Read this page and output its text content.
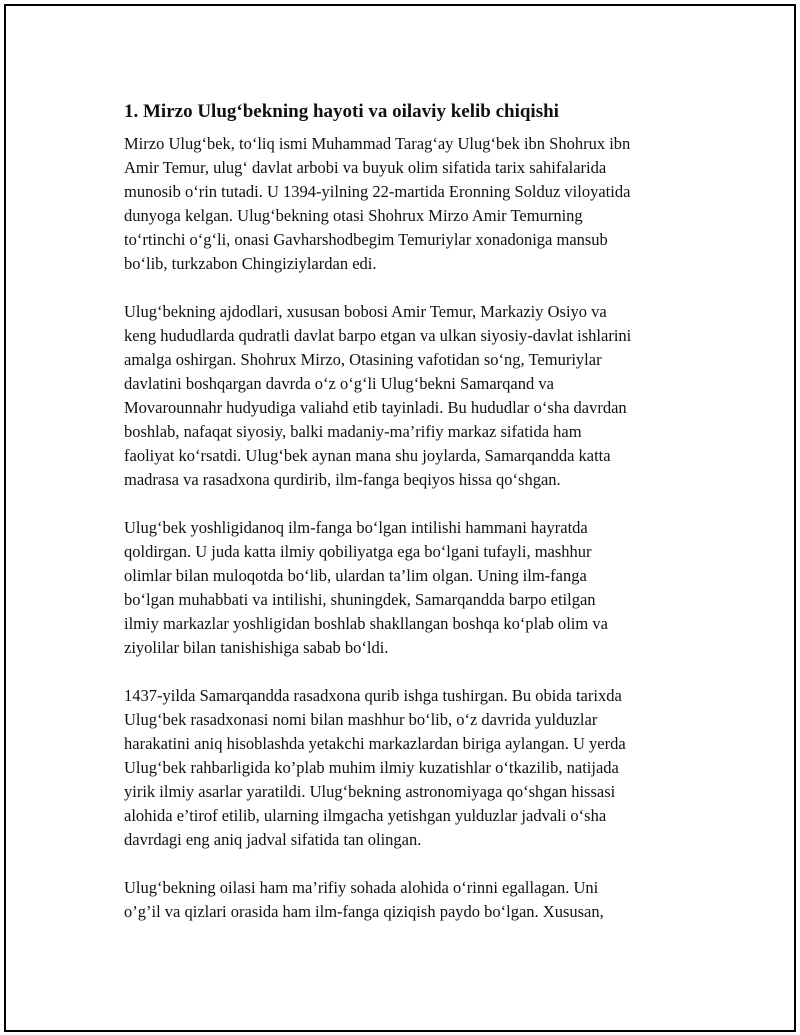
1. Mirzo Ulug‘bekning hayoti va oilaviy kelib chiqishi
Mirzo Ulug‘bek, to‘liq ismi Muhammad Tarag‘ay Ulug‘bek ibn Shohrux ibn
Amir Temur, ulug‘ davlat arbobi va buyuk olim sifatida tarix sahifalarida
munosib o‘rin tutadi. U 1394-yilning 22-martida Eronning Solduz viloyatida
dunyoga kelgan. Ulug‘bekning otasi Shohrux Mirzo Amir Temurning
to‘rtinchi o‘g‘li, onasi Gavharshodbegim Temuriylar xonadoniga mansub
bo‘lib, turkzabon Chingiziylardan edi.
Ulug‘bekning ajdodlari, xususan bobosi Amir Temur, Markaziy Osiyo va
keng hududlarda qudratli davlat barpo etgan va ulkan siyosiy-davlat ishlarini
amalga oshirgan. Shohrux Mirzo, Otasining vafotidan so‘ng, Temuriylar
davlatini boshqargan davrda o‘z o‘g‘li Ulug‘bekni Samarqand va
Movarounnahr hudyudiga valiahd etib tayinladi. Bu hududlar o‘sha davrdan
boshlab, nafaqat siyosiy, balki madaniy-ma’rifiy markaz sifatida ham
faoliyat ko‘rsatdi. Ulug‘bek aynan mana shu joylarda, Samarqandda katta
madrasa va rasadxona qurdirib, ilm-fanga beqiyos hissa qo‘shgan.
Ulug‘bek yoshligidanoq ilm-fanga bo‘lgan intilishi hammani hayratda
qoldirgan. U juda katta ilmiy qobiliyatga ega bo‘lgani tufayli, mashhur
olimlar bilan muloqotda bo‘lib, ulardan ta’lim olgan. Uning ilm-fanga
bo‘lgan muhabbati va intilishi, shuningdek, Samarqandda barpo etilgan
ilmiy markazlar yoshligidan boshlab shakllangan boshqa ko‘plab olim va
ziyolilar bilan tanishishiga sabab bo‘ldi.
1437-yilda Samarqandda rasadxona qurib ishga tushirgan. Bu obida tarixda
Ulug‘bek rasadxonasi nomi bilan mashhur bo‘lib, o‘z davrida yulduzlar
harakatini aniq hisoblashda yetakchi markazlardan biriga aylangan. U yerda
Ulug‘bek rahbarligida ko’plab muhim ilmiy kuzatishlar o‘tkazilib, natijada
yirik ilmiy asarlar yaratildi. Ulug‘bekning astronomiyaga qo‘shgan hissasi
alohida e’tirof etilib, ularning ilmgacha yetishgan yulduzlar jadvali o‘sha
davrdagi eng aniq jadval sifatida tan olingan.
Ulug‘bekning oilasi ham ma’rifiy sohada alohida o‘rinni egallagan. Uni
o’g’il va qizlari orasida ham ilm-fanga qiziqish paydo bo‘lgan. Xususan,
